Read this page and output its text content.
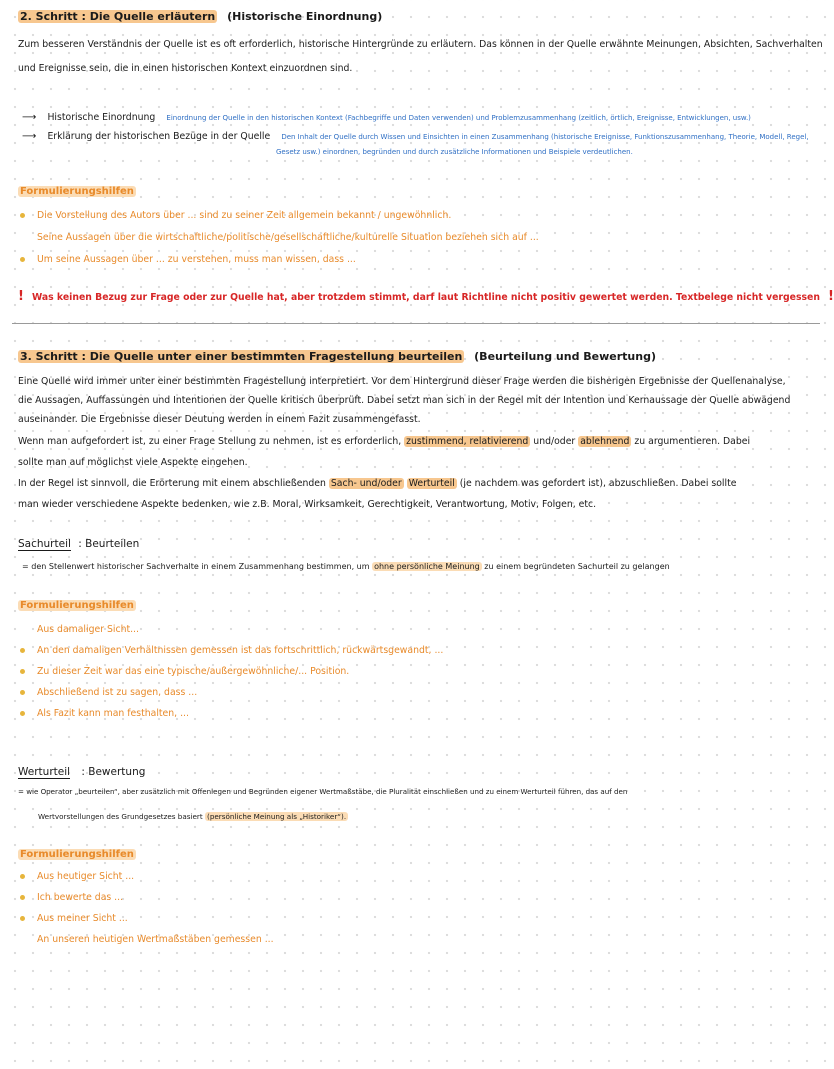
2. Schritt : Die Quelle erläutern (Historische Einordnung)
Zum besseren Verständnis der Quelle ist es oft erforderlich, historische Hintergründe zu erläutern. Das können in der Quelle erwähnte Meinungen, Absichten, Sachverhalten
und Ereignisse sein, die in einen historischen Kontext einzuordnen sind.
⟶ Historische Einordnung Einordnung der Quelle in den historischen Kontext (Fachbegriffe und Daten verwenden) und Problemzusammenhang (zeitlich, örtlich, Ereignisse, Entwicklungen, usw.)
⟶ Erklärung der historischen Bezüge in der Quelle Den Inhalt der Quelle durch Wissen und Einsichten in einen Zusammenhang (historische Ereignisse, Funktionszusammenhang, Theorie, Modell, Regel,
Gesetz usw.) einordnen, begründen und durch zusätzliche Informationen und Beispiele verdeutlichen.
Formulierungshilfen
Die Vorstellung des Autors über ... sind zu seiner Zeit allgemein bekannt / ungewöhnlich.
Seine Aussagen über die wirtschaftliche/politische/gesellschaftliche/kulturelle Situation beziehen sich auf ...
Um seine Aussagen über ... zu verstehen, muss man wissen, dass ...
! Was keinen Bezug zur Frage oder zur Quelle hat, aber trotzdem stimmt, darf laut Richtline nicht positiv gewertet werden. Textbelege nicht vergessen !
3. Schritt : Die Quelle unter einer bestimmten Fragestellung beurteilen (Beurteilung und Bewertung)
Eine Quelle wird immer unter einer bestimmten Fragestellung interpretiert. Vor dem Hintergrund dieser Frage werden die bisherigen Ergebnisse der Quellenanalyse,
die Aussagen, Auffassungen und Intentionen der Quelle kritisch überprüft. Dabei setzt man sich in der Regel mit der Intention und Kernaussage der Quelle abwägend
auseinander. Die Ergebnisse dieser Deutung werden in einem Fazit zusammengefasst.
Wenn man aufgefordert ist, zu einer Frage Stellung zu nehmen, ist es erforderlich, zustimmend, relativierend und/oder ablehnend zu argumentieren. Dabei
sollte man auf möglichst viele Aspekte eingehen.
In der Regel ist sinnvoll, die Erörterung mit einem abschließenden Sach- und/oder Werturteil (je nachdem was gefordert ist), abzuschließen. Dabei sollte
man wieder verschiedene Aspekte bedenken, wie z.B. Moral, Wirksamkeit, Gerechtigkeit, Verantwortung, Motiv, Folgen, etc.
Sachurteil : Beurteilen
= den Stellenwert historischer Sachverhalte in einem Zusammenhang bestimmen, um ohne persönliche Meinung zu einem begründeten Sachurteil zu gelangen
Formulierungshilfen
Aus damaliger Sicht...
An den damaligen Verhältnissen gemessen ist das fortschrittlich, rückwärtsgewandt, ...
Zu dieser Zeit war das eine typische/außergewöhnliche/... Position.
Abschließend ist zu sagen, dass ...
Als Fazit kann man festhalten, ...
Werturteil : Bewertung
= wie Operator „beurteilen“, aber zusätzlich mit Offenlegen und Begründen eigener Wertmaßstäbe, die Pluralität einschließen und zu einem Werturteil führen, das auf den
Wertvorstellungen des Grundgesetzes basiert (persönliche Meinung als „Historiker“).
Formulierungshilfen
Aus heutiger Sicht ...
Ich bewerte das ...
Aus meiner Sicht ...
An unseren heutigen Wertmaßstäben gemessen ...
